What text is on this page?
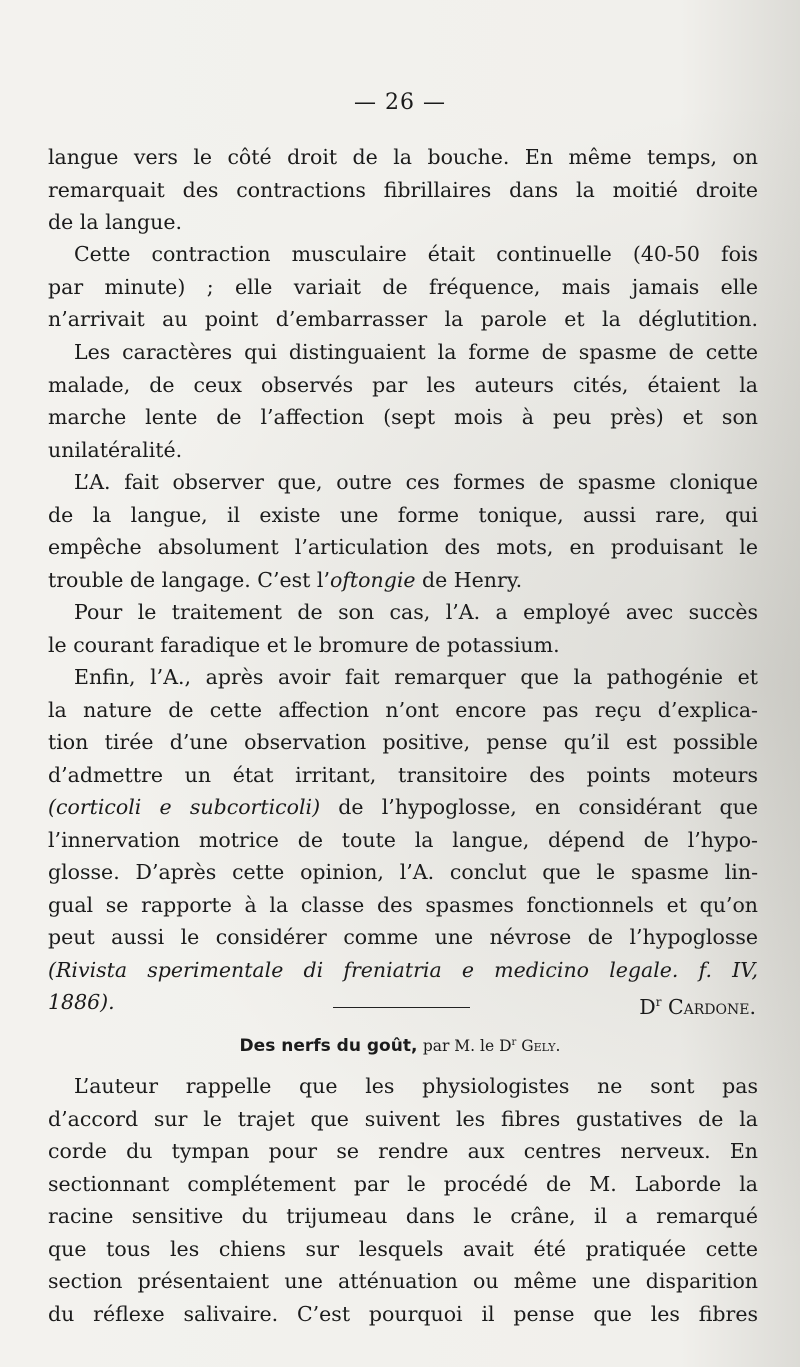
— 26 —
langue vers le côté droit de la bouche. En même temps, on
remarquait des contractions fibrillaires dans la moitié droite
de la langue.
Cette contraction musculaire était continuelle (40-50 fois
par minute) ; elle variait de fréquence, mais jamais elle
n’arrivait au point d’embarrasser la parole et la déglutition.
Les caractères qui distinguaient la forme de spasme de cette
malade, de ceux observés par les auteurs cités, étaient la
marche lente de l’affection (sept mois à peu près) et son
unilatéralité.
L’A. fait observer que, outre ces formes de spasme clonique
de la langue, il existe une forme tonique, aussi rare, qui
empêche absolument l’articulation des mots, en produisant le
trouble de langage. C’est l’oftongie de Henry.
Pour le traitement de son cas, l’A. a employé avec succès
le courant faradique et le bromure de potassium.
Enfin, l’A., après avoir fait remarquer que la pathogénie et
la nature de cette affection n’ont encore pas reçu d’explica-
tion tirée d’une observation positive, pense qu’il est possible
d’admettre un état irritant, transitoire des points moteurs
(corticoli e subcorticoli) de l’hypoglosse, en considérant que
l’innervation motrice de toute la langue, dépend de l’hypo-
glosse. D’après cette opinion, l’A. conclut que le spasme lin-
gual se rapporte à la classe des spasmes fonctionnels et qu’on
peut aussi le considérer comme une névrose de l’hypoglosse
(Rivista sperimentale di freniatria e medicino legale. f. IV,
1886).	$D^r$ Cardone.
Des nerfs du goût, par M. le $D^r$ Gely.
L’auteur rappelle que les physiologistes ne sont pas
d’accord sur le trajet que suivent les fibres gustatives de la
corde du tympan pour se rendre aux centres nerveux. En
sectionnant complétement par le procédé de M. Laborde la
racine sensitive du trijumeau dans le crâne, il a remarqué
que tous les chiens sur lesquels avait été pratiquée cette
section présentaient une atténuation ou même une disparition
du réflexe salivaire. C’est pourquoi il pense que les fibres
